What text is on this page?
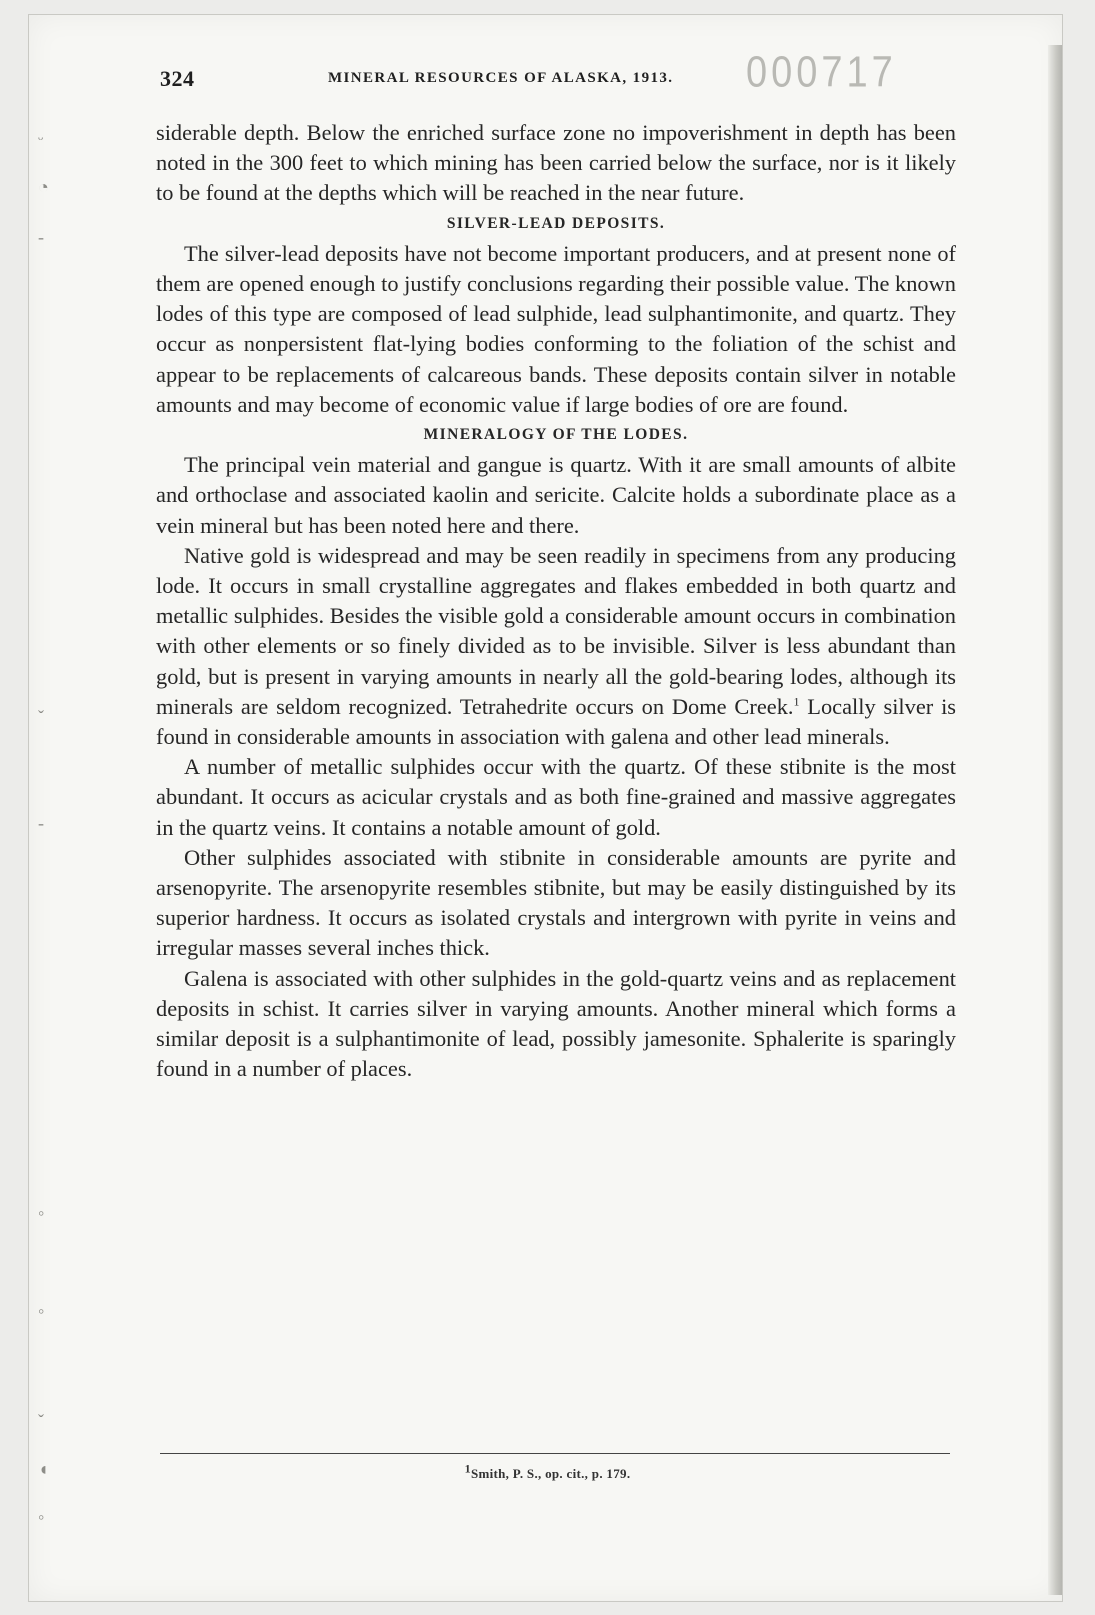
ᵕ
◔
‐
ˇ
‐
◦
◦
ˇ
◖
◦
324	MINERAL RESOURCES OF ALASKA, 1913. 000717

siderable depth. Below the enriched surface zone no impoverishment in depth has been noted in the 300 feet to which mining has been carried below the surface, nor is it likely to be found at the depths which will be reached in the near future.

SILVER-LEAD DEPOSITS.

The silver-lead deposits have not become important producers, and at present none of them are opened enough to justify conclusions regarding their possible value. The known lodes of this type are composed of lead sulphide, lead sulphantimonite, and quartz. They occur as nonpersistent flat-lying bodies conforming to the foliation of the schist and appear to be replacements of calcareous bands. These deposits contain silver in notable amounts and may become of economic value if large bodies of ore are found.

MINERALOGY OF THE LODES.

The principal vein material and gangue is quartz. With it are small amounts of albite and orthoclase and associated kaolin and sericite. Calcite holds a subordinate place as a vein mineral but has been noted here and there.

Native gold is widespread and may be seen readily in specimens from any producing lode. It occurs in small crystalline aggregates and flakes embedded in both quartz and metallic sulphides. Besides the visible gold a considerable amount occurs in combination with other elements or so finely divided as to be invisible. Silver is less abundant than gold, but is present in varying amounts in nearly all the gold-bearing lodes, although its minerals are seldom recognized. Tetrahedrite occurs on Dome Creek.$^1$ Locally silver is found in considerable amounts in association with galena and other lead minerals.

A number of metallic sulphides occur with the quartz. Of these stibnite is the most abundant. It occurs as acicular crystals and as both fine-grained and massive aggregates in the quartz veins. It contains a notable amount of gold.

Other sulphides associated with stibnite in considerable amounts are pyrite and arsenopyrite. The arsenopyrite resembles stibnite, but may be easily distinguished by its superior hardness. It occurs as isolated crystals and intergrown with pyrite in veins and irregular masses several inches thick.

Galena is associated with other sulphides in the gold-quartz veins and as replacement deposits in schist. It carries silver in varying amounts. Another mineral which forms a similar deposit is a sulphantimonite of lead, possibly jamesonite. Sphalerite is sparingly found in a number of places.

$^1$Smith, P. S., op. cit., p. 179.
